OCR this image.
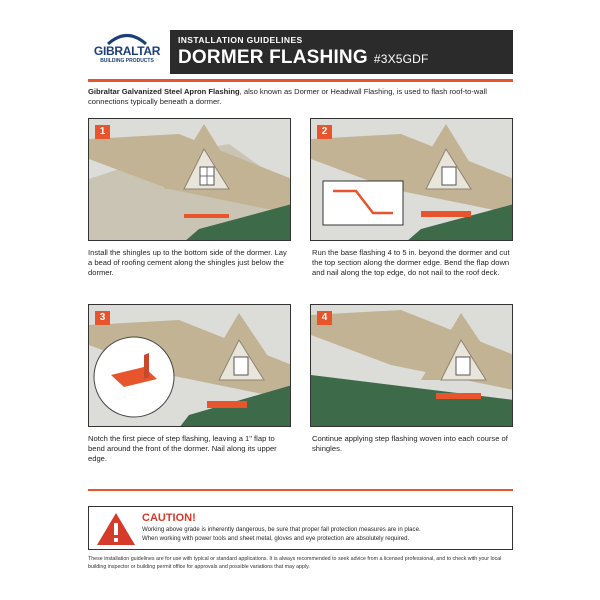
GIBRALTAR
BUILDING PRODUCTS
INSTALLATION GUIDELINES
DORMER FLASHING #3X5GDF
Gibraltar Galvanized Steel Apron Flashing, also known as Dormer or Headwall Flashing, is used to flash roof-to-wall connections typically beneath a dormer.
1
Install the shingles up to the bottom side of the dormer. Lay a bead of roofing cement along the shingles just below the dormer.
2
Run the base flashing 4 to 5 in. beyond the dormer and cut the top section along the dormer edge. Bend the flap down and nail along the top edge, do not nail to the roof deck.
3
Notch the first piece of step flashing, leaving a 1" flap to bend around the front of the dormer. Nail along its upper edge.
4
Continue applying step flashing woven into each course of shingles.
CAUTION!
Working above grade is inherently dangerous, be sure that proper fall protection measures are in place.
When working with power tools and sheet metal, gloves and eye protection are absolutely required.
These installation guidelines are for use with typical or standard applications. It is always recommended to seek advice from a licensed professional, and to check with your local building inspector or building permit office for approvals and possible variations that may apply.
